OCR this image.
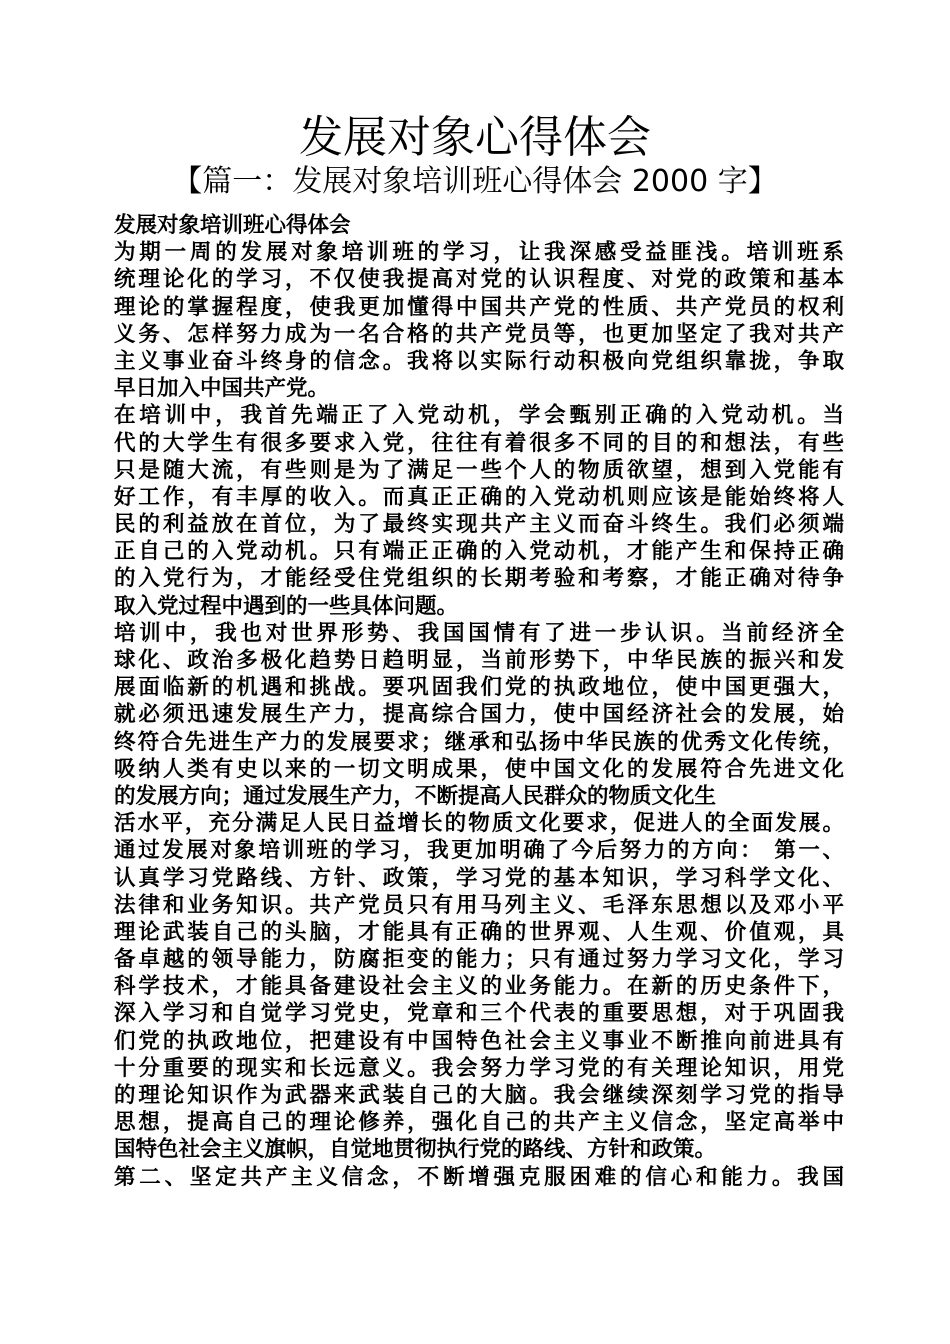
发展对象心得体会
【篇一：发展对象培训班心得体会 2000 字】
发展对象培训班心得体会
为期一周的发展对象培训班的学习，让我深感受益匪浅。培训班系
统理论化的学习，不仅使我提高对党的认识程度、对党的政策和基本
理论的掌握程度，使我更加懂得中国共产党的性质、共产党员的权利
义务、怎样努力成为一名合格的共产党员等，也更加坚定了我对共产
主义事业奋斗终身的信念。我将以实际行动积极向党组织靠拢，争取
早日加入中国共产党。
在培训中，我首先端正了入党动机，学会甄别正确的入党动机。当
代的大学生有很多要求入党，往往有着很多不同的目的和想法，有些
只是随大流，有些则是为了满足一些个人的物质欲望，想到入党能有
好工作，有丰厚的收入。而真正正确的入党动机则应该是能始终将人
民的利益放在首位，为了最终实现共产主义而奋斗终生。我们必须端
正自己的入党动机。只有端正正确的入党动机，才能产生和保持正确
的入党行为，才能经受住党组织的长期考验和考察，才能正确对待争
取入党过程中遇到的一些具体问题。
培训中，我也对世界形势、我国国情有了进一步认识。当前经济全
球化、政治多极化趋势日趋明显，当前形势下，中华民族的振兴和发
展面临新的机遇和挑战。要巩固我们党的执政地位，使中国更强大，
就必须迅速发展生产力，提高综合国力，使中国经济社会的发展，始
终符合先进生产力的发展要求；继承和弘扬中华民族的优秀文化传统，
吸纳人类有史以来的一切文明成果，使中国文化的发展符合先进文化
的发展方向；通过发展生产力，不断提高人民群众的物质文化生
活水平，充分满足人民日益增长的物质文化要求，促进人的全面发展。
通过发展对象培训班的学习，我更加明确了今后努力的方向： 第一、
认真学习党路线、方针、政策，学习党的基本知识，学习科学文化、
法律和业务知识。共产党员只有用马列主义、毛泽东思想以及邓小平
理论武装自己的头脑，才能具有正确的世界观、人生观、价值观，具
备卓越的领导能力，防腐拒变的能力；只有通过努力学习文化，学习
科学技术，才能具备建设社会主义的业务能力。在新的历史条件下，
深入学习和自觉学习党史，党章和三个代表的重要思想，对于巩固我
们党的执政地位，把建设有中国特色社会主义事业不断推向前进具有
十分重要的现实和长远意义。我会努力学习党的有关理论知识，用党
的理论知识作为武器来武装自己的大脑。我会继续深刻学习党的指导
思想，提高自己的理论修养，强化自己的共产主义信念，坚定高举中
国特色社会主义旗帜，自觉地贯彻执行党的路线、方针和政策。
第二、坚定共产主义信念，不断增强克服困难的信心和能力。我国
